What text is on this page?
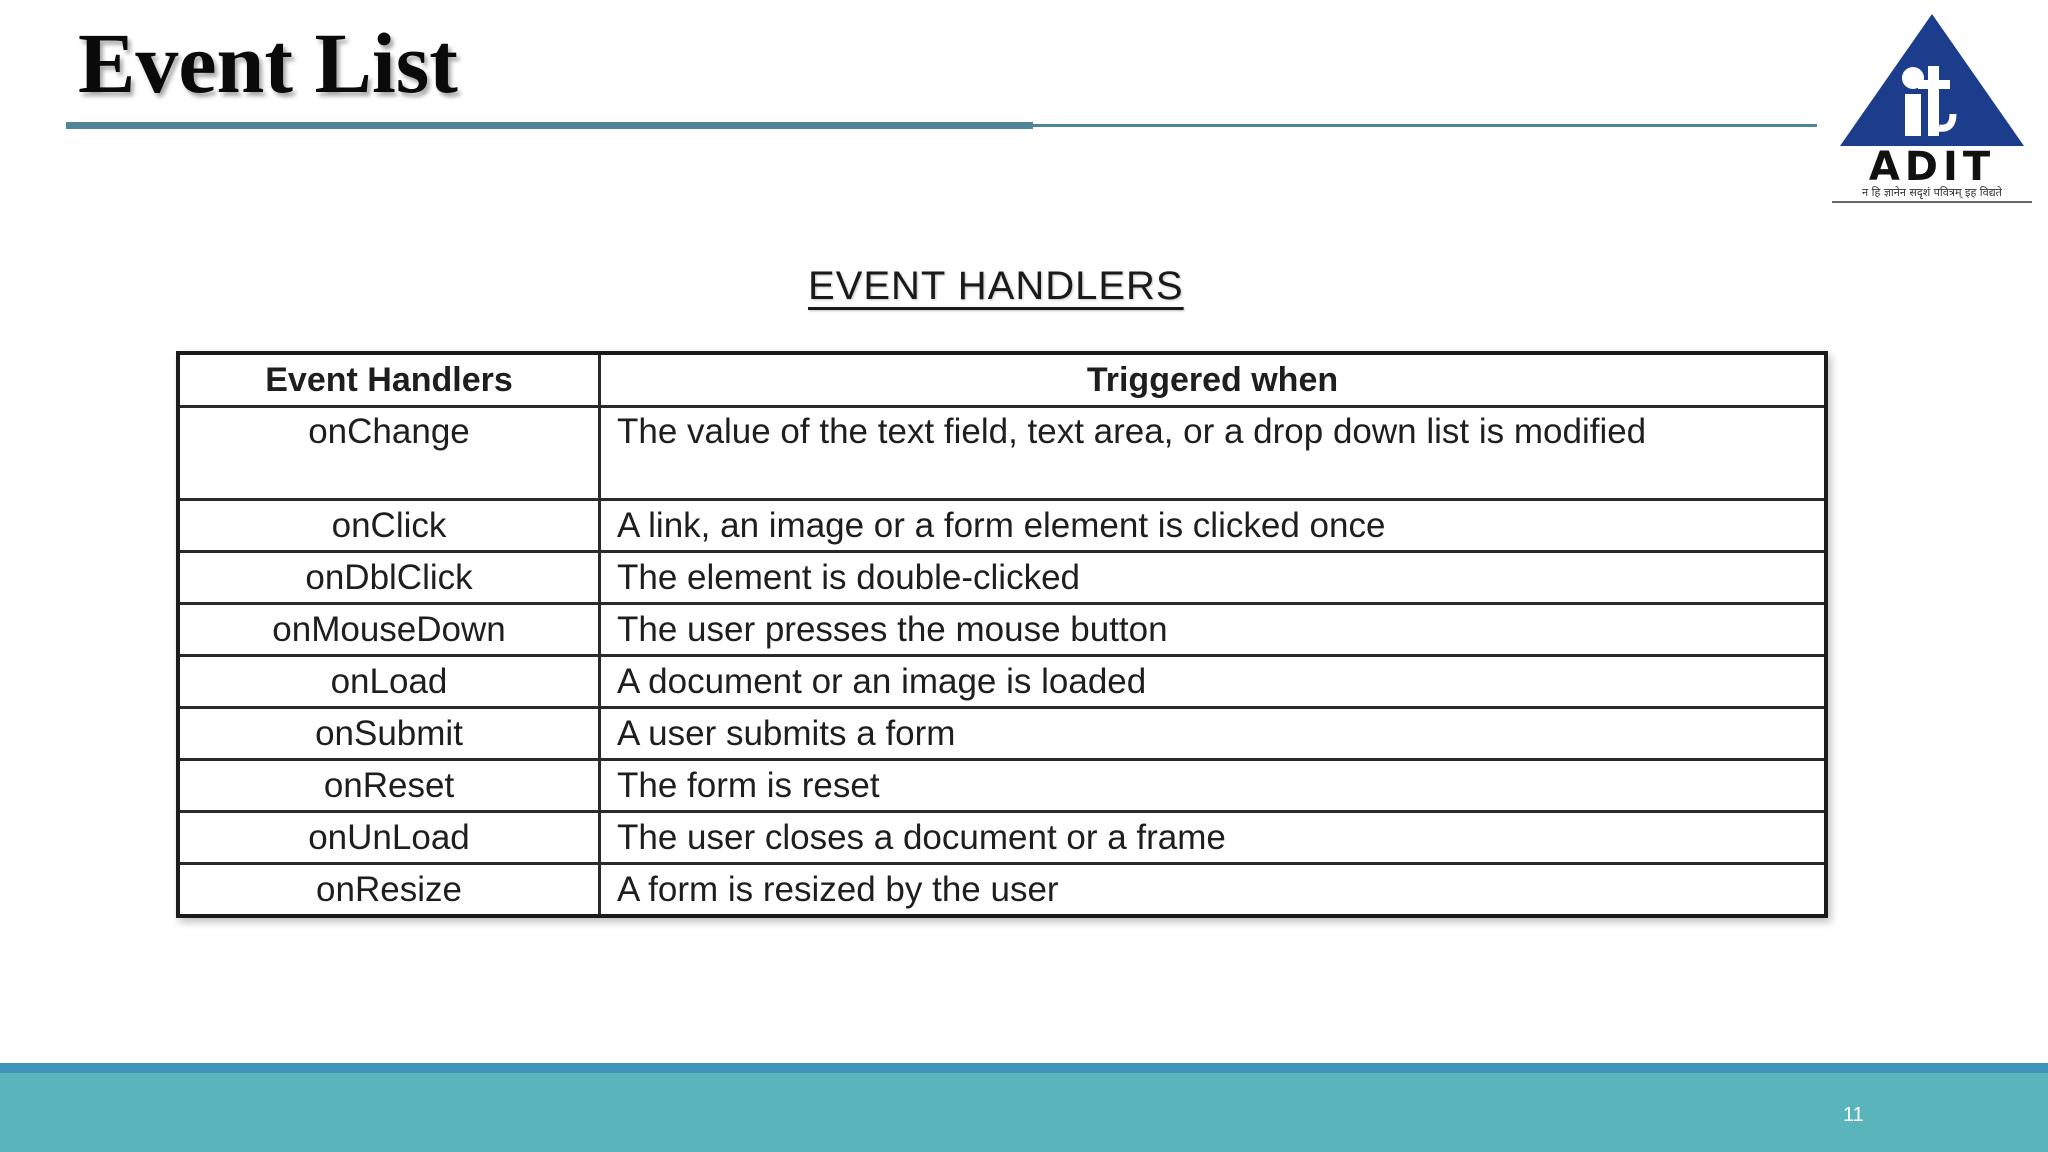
Event List
ADIT
न हि ज्ञानेन सदृशं पवित्रम् इह विद्यते
EVENT HANDLERS
Event Handlers	Triggered when
onChange	The value of the text field, text area, or a drop down list is modified
onClick	A link, an image or a form element is clicked once
onDblClick	The element is double-clicked
onMouseDown	The user presses the mouse button
onLoad	A document or an image is loaded
onSubmit	A user submits a form
onReset	The form is reset
onUnLoad	The user closes a document or a frame
onResize	A form is resized by the user
11
